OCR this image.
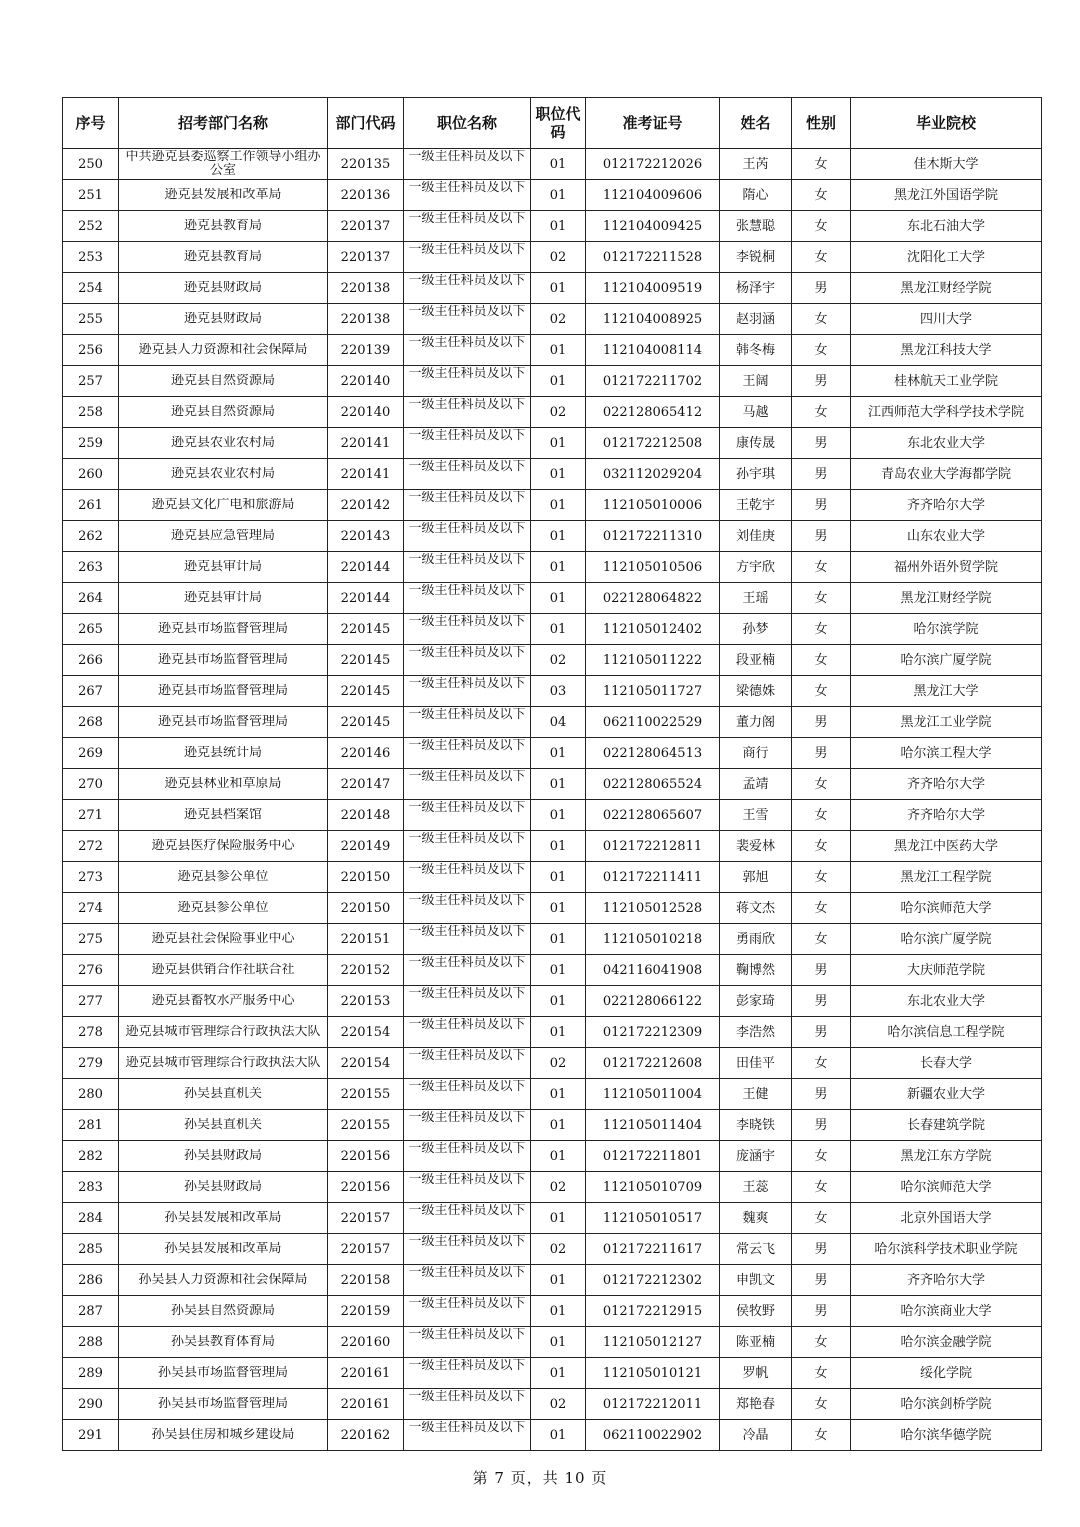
序号	招考部门名称	部门代码	职位名称	职位代码	准考证号	姓名	性别	毕业院校
250	中共逊克县委巡察工作领导小组办公室	220135	一级主任科员及以下	01	012172212026	王芮	女	佳木斯大学
251	逊克县发展和改革局	220136	一级主任科员及以下	01	112104009606	隋心	女	黑龙江外国语学院
252	逊克县教育局	220137	一级主任科员及以下	01	112104009425	张慧聪	女	东北石油大学
253	逊克县教育局	220137	一级主任科员及以下	02	012172211528	李锐桐	女	沈阳化工大学
254	逊克县财政局	220138	一级主任科员及以下	01	112104009519	杨泽宇	男	黑龙江财经学院
255	逊克县财政局	220138	一级主任科员及以下	02	112104008925	赵羽涵	女	四川大学
256	逊克县人力资源和社会保障局	220139	一级主任科员及以下	01	112104008114	韩冬梅	女	黑龙江科技大学
257	逊克县自然资源局	220140	一级主任科员及以下	01	012172211702	王阔	男	桂林航天工业学院
258	逊克县自然资源局	220140	一级主任科员及以下	02	022128065412	马越	女	江西师范大学科学技术学院
259	逊克县农业农村局	220141	一级主任科员及以下	01	012172212508	康传晟	男	东北农业大学
260	逊克县农业农村局	220141	一级主任科员及以下	01	032112029204	孙宇琪	男	青岛农业大学海都学院
261	逊克县文化广电和旅游局	220142	一级主任科员及以下	01	112105010006	王乾宇	男	齐齐哈尔大学
262	逊克县应急管理局	220143	一级主任科员及以下	01	012172211310	刘佳庚	男	山东农业大学
263	逊克县审计局	220144	一级主任科员及以下	01	112105010506	方宇欣	女	福州外语外贸学院
264	逊克县审计局	220144	一级主任科员及以下	01	022128064822	王瑶	女	黑龙江财经学院
265	逊克县市场监督管理局	220145	一级主任科员及以下	01	112105012402	孙梦	女	哈尔滨学院
266	逊克县市场监督管理局	220145	一级主任科员及以下	02	112105011222	段亚楠	女	哈尔滨广厦学院
267	逊克县市场监督管理局	220145	一级主任科员及以下	03	112105011727	梁德姝	女	黑龙江大学
268	逊克县市场监督管理局	220145	一级主任科员及以下	04	062110022529	董力阁	男	黑龙江工业学院
269	逊克县统计局	220146	一级主任科员及以下	01	022128064513	商行	男	哈尔滨工程大学
270	逊克县林业和草原局	220147	一级主任科员及以下	01	022128065524	孟靖	女	齐齐哈尔大学
271	逊克县档案馆	220148	一级主任科员及以下	01	022128065607	王雪	女	齐齐哈尔大学
272	逊克县医疗保险服务中心	220149	一级主任科员及以下	01	012172212811	裴爱林	女	黑龙江中医药大学
273	逊克县参公单位	220150	一级主任科员及以下	01	012172211411	郭旭	女	黑龙江工程学院
274	逊克县参公单位	220150	一级主任科员及以下	01	112105012528	蒋文杰	女	哈尔滨师范大学
275	逊克县社会保险事业中心	220151	一级主任科员及以下	01	112105010218	勇雨欣	女	哈尔滨广厦学院
276	逊克县供销合作社联合社	220152	一级主任科员及以下	01	042116041908	鞠博然	男	大庆师范学院
277	逊克县畜牧水产服务中心	220153	一级主任科员及以下	01	022128066122	彭家琦	男	东北农业大学
278	逊克县城市管理综合行政执法大队	220154	一级主任科员及以下	01	012172212309	李浩然	男	哈尔滨信息工程学院
279	逊克县城市管理综合行政执法大队	220154	一级主任科员及以下	02	012172212608	田佳平	女	长春大学
280	孙吴县直机关	220155	一级主任科员及以下	01	112105011004	王健	男	新疆农业大学
281	孙吴县直机关	220155	一级主任科员及以下	01	112105011404	李晓铁	男	长春建筑学院
282	孙吴县财政局	220156	一级主任科员及以下	01	012172211801	庞涵宇	女	黑龙江东方学院
283	孙吴县财政局	220156	一级主任科员及以下	02	112105010709	王蕊	女	哈尔滨师范大学
284	孙吴县发展和改革局	220157	一级主任科员及以下	01	112105010517	魏爽	女	北京外国语大学
285	孙吴县发展和改革局	220157	一级主任科员及以下	02	012172211617	常云飞	男	哈尔滨科学技术职业学院
286	孙吴县人力资源和社会保障局	220158	一级主任科员及以下	01	012172212302	申凯文	男	齐齐哈尔大学
287	孙吴县自然资源局	220159	一级主任科员及以下	01	012172212915	侯牧野	男	哈尔滨商业大学
288	孙吴县教育体育局	220160	一级主任科员及以下	01	112105012127	陈亚楠	女	哈尔滨金融学院
289	孙吴县市场监督管理局	220161	一级主任科员及以下	01	112105010121	罗帆	女	绥化学院
290	孙吴县市场监督管理局	220161	一级主任科员及以下	02	012172212011	郑艳春	女	哈尔滨剑桥学院
291	孙吴县住房和城乡建设局	220162	一级主任科员及以下	01	062110022902	冷晶	女	哈尔滨华德学院
第 7 页，共 10 页
